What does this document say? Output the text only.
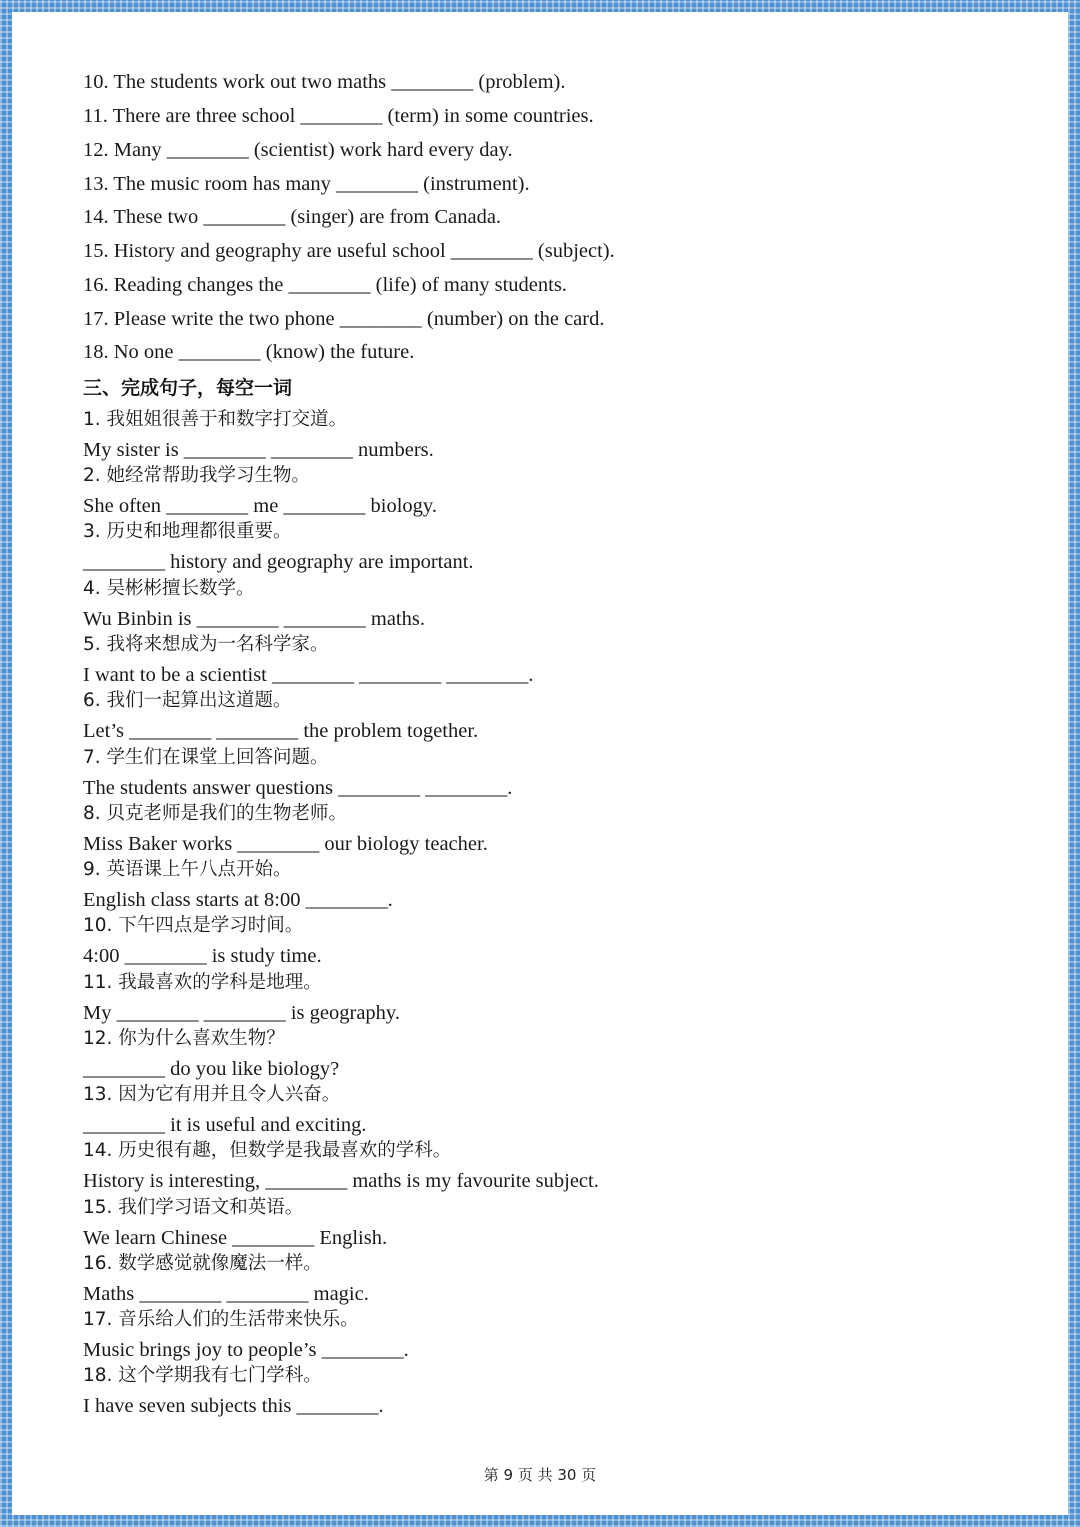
10. The students work out two maths ________ (problem).
11. There are three school ________ (term) in some countries.
12. Many ________ (scientist) work hard every day.
13. The music room has many ________ (instrument).
14. These two ________ (singer) are from Canada.
15. History and geography are useful school ________ (subject).
16. Reading changes the ________ (life) of many students.
17. Please write the two phone ________ (number) on the card.
18. No one ________ (know) the future.
三、完成句子，每空一词
1. 我姐姐很善于和数字打交道。
My sister is ________ ________ numbers.
2. 她经常帮助我学习生物。
She often ________ me ________ biology.
3. 历史和地理都很重要。
________ history and geography are important.
4. 吴彬彬擅长数学。
Wu Binbin is ________ ________ maths.
5. 我将来想成为一名科学家。
I want to be a scientist ________ ________ ________.
6. 我们一起算出这道题。
Let’s ________ ________ the problem together.
7. 学生们在课堂上回答问题。
The students answer questions ________ ________.
8. 贝克老师是我们的生物老师。
Miss Baker works ________ our biology teacher.
9. 英语课上午八点开始。
English class starts at 8:00 ________.
10. 下午四点是学习时间。
4:00 ________ is study time.
11. 我最喜欢的学科是地理。
My ________ ________ is geography.
12. 你为什么喜欢生物？
________ do you like biology?
13. 因为它有用并且令人兴奋。
________ it is useful and exciting.
14. 历史很有趣，但数学是我最喜欢的学科。
History is interesting, ________ maths is my favourite subject.
15. 我们学习语文和英语。
We learn Chinese ________ English.
16. 数学感觉就像魔法一样。
Maths ________ ________ magic.
17. 音乐给人们的生活带来快乐。
Music brings joy to people’s ________.
18. 这个学期我有七门学科。
I have seven subjects this ________.
第 9 页 共 30 页
